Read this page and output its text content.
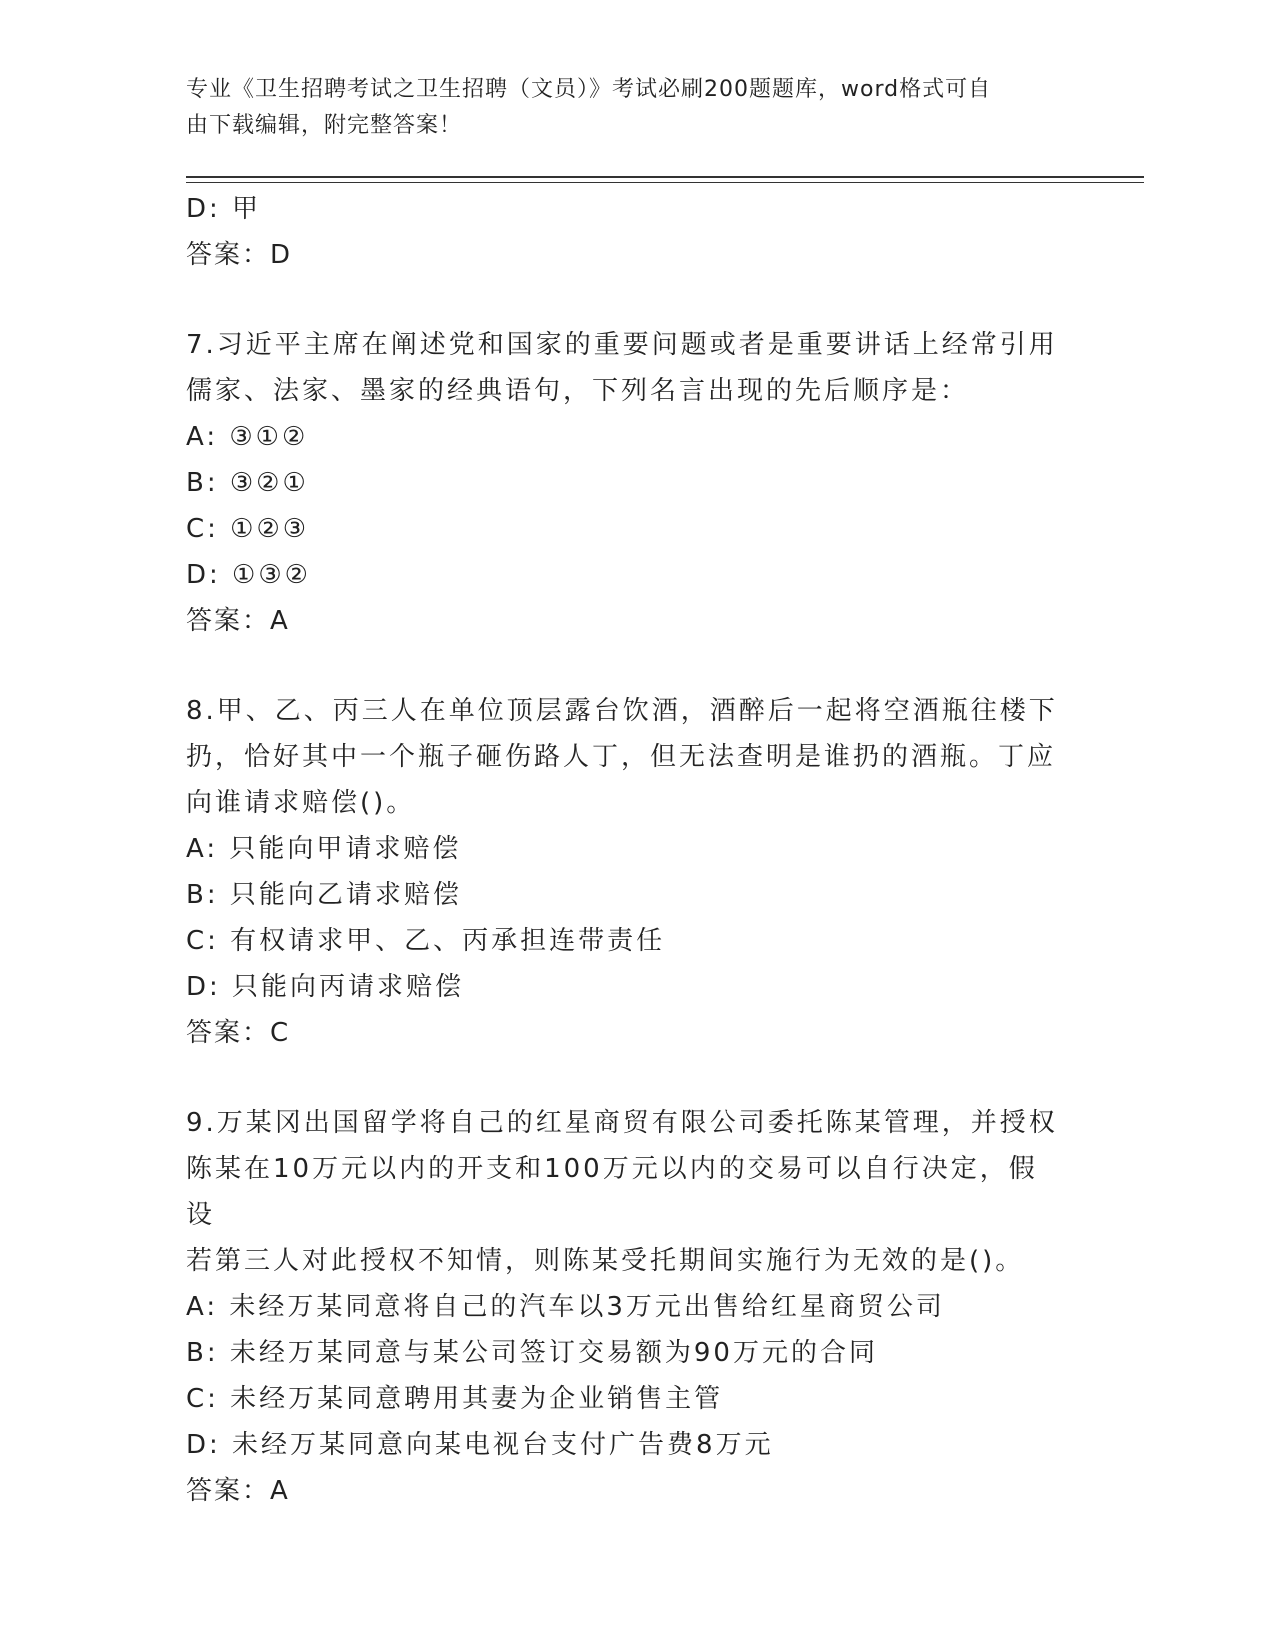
专业《卫生招聘考试之卫生招聘（文员）》考试必刷200题题库，word格式可自
由下载编辑，附完整答案！

D: 甲

答案：D

7.习近平主席在阐述党和国家的重要问题或者是重要讲话上经常引用

儒家、法家、墨家的经典语句，下列名言出现的先后顺序是：

A: ③①②

B: ③②①

C: ①②③

D: ①③②

答案：A

8.甲、乙、丙三人在单位顶层露台饮酒，酒醉后一起将空酒瓶往楼下

扔，恰好其中一个瓶子砸伤路人丁，但无法查明是谁扔的酒瓶。丁应

向谁请求赔偿()。

A: 只能向甲请求赔偿

B: 只能向乙请求赔偿

C: 有权请求甲、乙、丙承担连带责任

D: 只能向丙请求赔偿

答案：C

9.万某冈出国留学将自己的红星商贸有限公司委托陈某管理，并授权

陈某在10万元以内的开支和100万元以内的交易可以自行决定，假设

若第三人对此授权不知情，则陈某受托期间实施行为无效的是()。

A: 未经万某同意将自己的汽车以3万元出售给红星商贸公司

B: 未经万某同意与某公司签订交易额为90万元的合同

C: 未经万某同意聘用其妻为企业销售主管

D: 未经万某同意向某电视台支付广告费8万元

答案：A
